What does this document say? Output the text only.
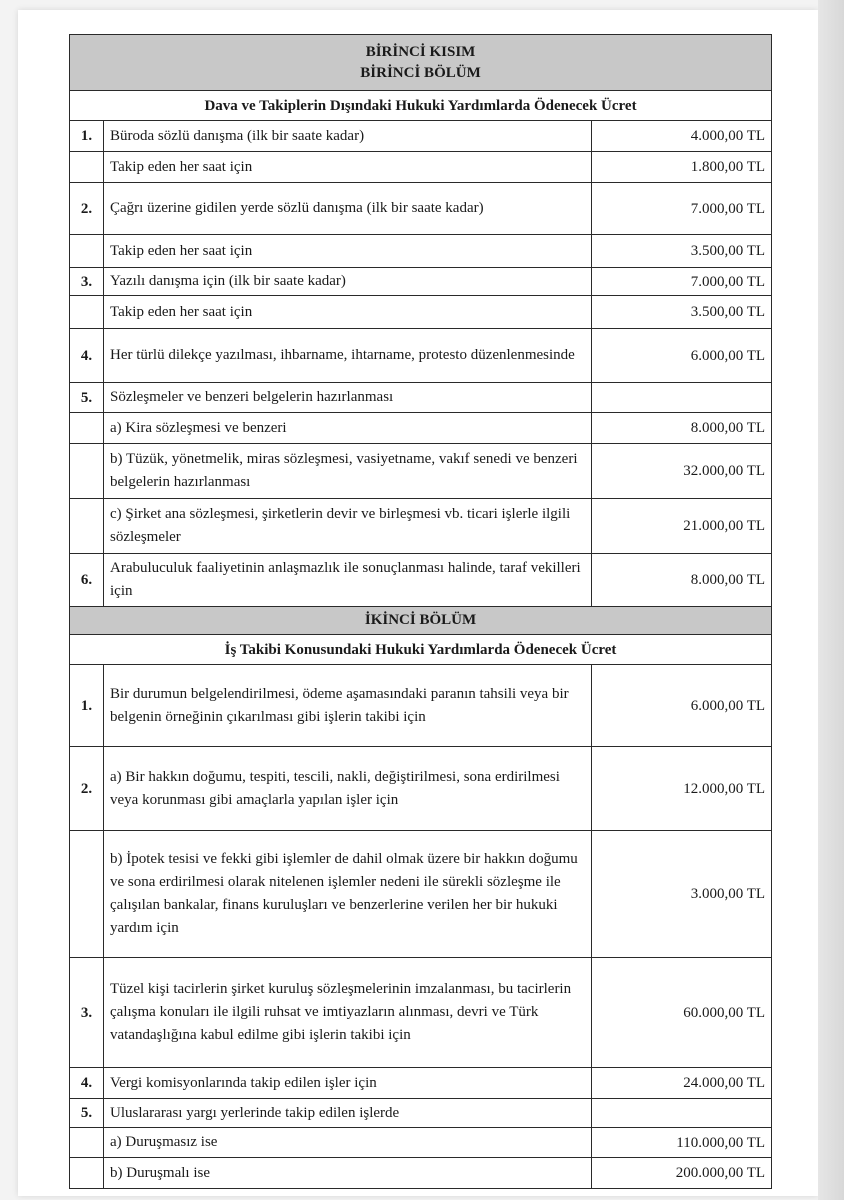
BİRİNCİ KISIM
BİRİNCİ BÖLÜM		

Dava ve Takiplerin Dışındaki Hukuki Yardımlarda Ödenecek Ücret		
1.	Büroda sözlü danışma (ilk bir saate kadar)	4.000,00 TL
	Takip eden her saat için	1.800,00 TL
2.	Çağrı üzerine gidilen yerde sözlü danışma (ilk bir saate kadar)	7.000,00 TL
	Takip eden her saat için	3.500,00 TL
3.	Yazılı danışma için (ilk bir saate kadar)	7.000,00 TL
	Takip eden her saat için	3.500,00 TL
4.	Her türlü dilekçe yazılması, ihbarname, ihtarname, protesto düzenlenmesinde	6.000,00 TL
5.	Sözleşmeler ve benzeri belgelerin hazırlanması	
	a) Kira sözleşmesi ve benzeri	8.000,00 TL
	b) Tüzük, yönetmelik, miras sözleşmesi, vasiyetname, vakıf senedi ve benzeri belgelerin hazırlanması	32.000,00 TL
	c) Şirket ana sözleşmesi, şirketlerin devir ve birleşmesi vb. ticari işlerle ilgili sözleşmeler	21.000,00 TL
6.	Arabuluculuk faaliyetinin anlaşmazlık ile sonuçlanması halinde, taraf vekilleri için	8.000,00 TL
İKİNCİ BÖLÜM		
İş Takibi Konusundaki Hukuki Yardımlarda Ödenecek Ücret		
1.	Bir durumun belgelendirilmesi, ödeme aşamasındaki paranın tahsili veya bir belgenin örneğinin çıkarılması gibi işlerin takibi için	6.000,00 TL
2.	a) Bir hakkın doğumu, tespiti, tescili, nakli, değiştirilmesi, sona erdirilmesi veya korunması gibi amaçlarla yapılan işler için	12.000,00 TL
	b) İpotek tesisi ve fekki gibi işlemler de dahil olmak üzere bir hakkın doğumu ve sona erdirilmesi olarak nitelenen işlemler nedeni ile sürekli sözleşme ile çalışılan bankalar, finans kuruluşları ve benzerlerine verilen her bir hukuki yardım için	3.000,00 TL
3.	Tüzel kişi tacirlerin şirket kuruluş sözleşmelerinin imzalanması, bu tacirlerin çalışma konuları ile ilgili ruhsat ve imtiyazların alınması, devri ve Türk vatandaşlığına kabul edilme gibi işlerin takibi için	60.000,00 TL
4.	Vergi komisyonlarında takip edilen işler için	24.000,00 TL
5.	Uluslararası yargı yerlerinde takip edilen işlerde	
	a) Duruşmasız ise	110.000,00 TL
	b) Duruşmalı ise	200.000,00 TL
